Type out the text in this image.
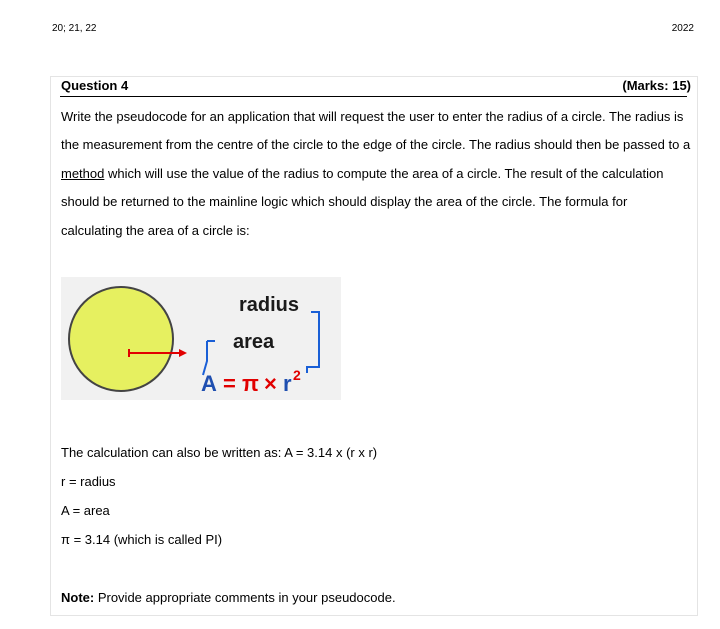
20; 21, 22	2022
Question 4	(Marks: 15)
Write the pseudocode for an application that will request the user to enter the radius of a circle. The radius is the measurement from the centre of the circle to the edge of the circle. The radius should then be passed to a method which will use the value of the radius to compute the area of a circle. The result of the calculation should be returned to the mainline logic which should display the area of the circle. The formula for calculating the area of a circle is:
radius
area
A = π × r 2
The calculation can also be written as: A = 3.14 x (r x r)
r = radius
A = area
π = 3.14 (which is called PI)
Note: Provide appropriate comments in your pseudocode.
